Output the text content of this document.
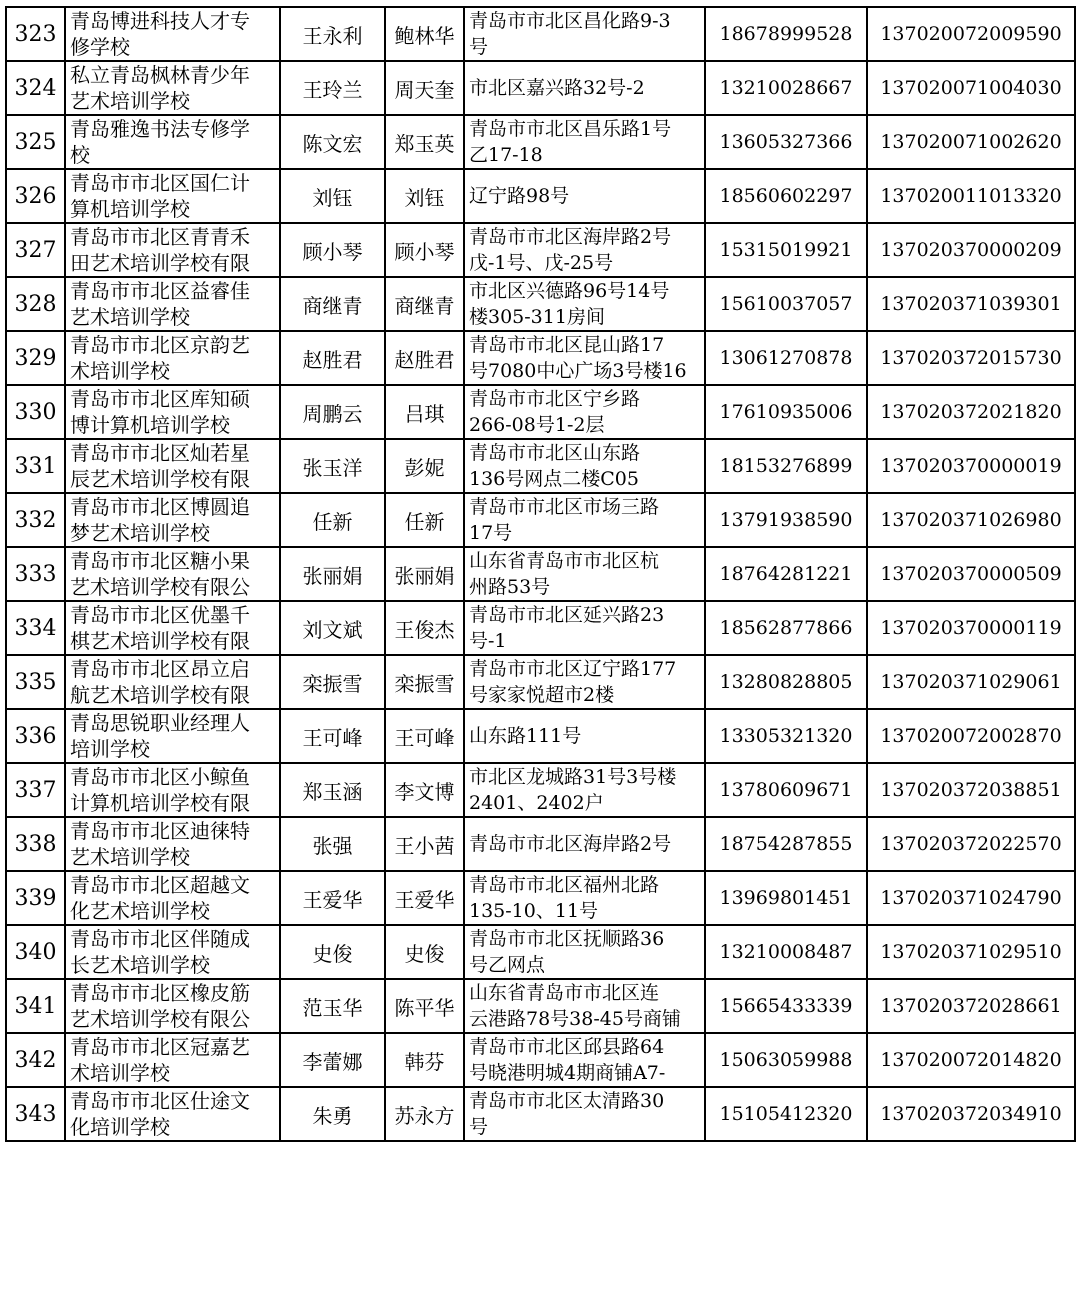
323	青岛博进科技人才专
修学校	王永利	鲍林华	青岛市市北区昌化路9-3
号	18678999528	137020072009590
324	私立青岛枫林青少年
艺术培训学校	王玲兰	周天奎	市北区嘉兴路32号-2	13210028667	137020071004030
325	青岛雅逸书法专修学
校	陈文宏	郑玉英	青岛市市北区昌乐路1号
乙17-18	13605327366	137020071002620
326	青岛市市北区国仁计
算机培训学校	刘钰	刘钰	辽宁路98号	18560602297	137020011013320
327	青岛市市北区青青禾
田艺术培训学校有限	顾小琴	顾小琴	青岛市市北区海岸路2号
戊-1号、戊-25号	15315019921	137020370000209
328	青岛市市北区益睿佳
艺术培训学校	商继青	商继青	市北区兴德路96号14号
楼305-311房间	15610037057	137020371039301
329	青岛市市北区京韵艺
术培训学校	赵胜君	赵胜君	青岛市市北区昆山路17
号7080中心广场3号楼16	13061270878	137020372015730
330	青岛市市北区库知硕
博计算机培训学校	周鹏云	吕琪	青岛市市北区宁乡路
266-08号1-2层	17610935006	137020372021820
331	青岛市市北区灿若星
辰艺术培训学校有限	张玉洋	彭妮	青岛市市北区山东路
136号网点二楼C05	18153276899	137020370000019
332	青岛市市北区博圆追
梦艺术培训学校	任新	任新	青岛市市北区市场三路
17号	13791938590	137020371026980
333	青岛市市北区糖小果
艺术培训学校有限公	张丽娟	张丽娟	山东省青岛市市北区杭
州路53号	18764281221	137020370000509
334	青岛市市北区优墨千
棋艺术培训学校有限	刘文斌	王俊杰	青岛市市北区延兴路23
号-1	18562877866	137020370000119
335	青岛市市北区昂立启
航艺术培训学校有限	栾振雪	栾振雪	青岛市市北区辽宁路177
号家家悦超市2楼	13280828805	137020371029061
336	青岛思锐职业经理人
培训学校	王可峰	王可峰	山东路111号	13305321320	137020072002870
337	青岛市市北区小鲸鱼
计算机培训学校有限	郑玉涵	李文博	市北区龙城路31号3号楼
2401、2402户	13780609671	137020372038851
338	青岛市市北区迪徕特
艺术培训学校	张强	王小茜	青岛市市北区海岸路2号	18754287855	137020372022570
339	青岛市市北区超越文
化艺术培训学校	王爱华	王爱华	青岛市市北区福州北路
135-10、11号	13969801451	137020371024790
340	青岛市市北区伴随成
长艺术培训学校	史俊	史俊	青岛市市北区抚顺路36
号乙网点	13210008487	137020371029510
341	青岛市市北区橡皮筋
艺术培训学校有限公	范玉华	陈平华	山东省青岛市市北区连
云港路78号38-45号商铺	15665433339	137020372028661
342	青岛市市北区冠嘉艺
术培训学校	李蕾娜	韩芬	青岛市市北区邱县路64
号晓港明城4期商铺A7-	15063059988	137020072014820
343	青岛市市北区仕途文
化培训学校	朱勇	苏永方	青岛市市北区太清路30
号	15105412320	137020372034910
